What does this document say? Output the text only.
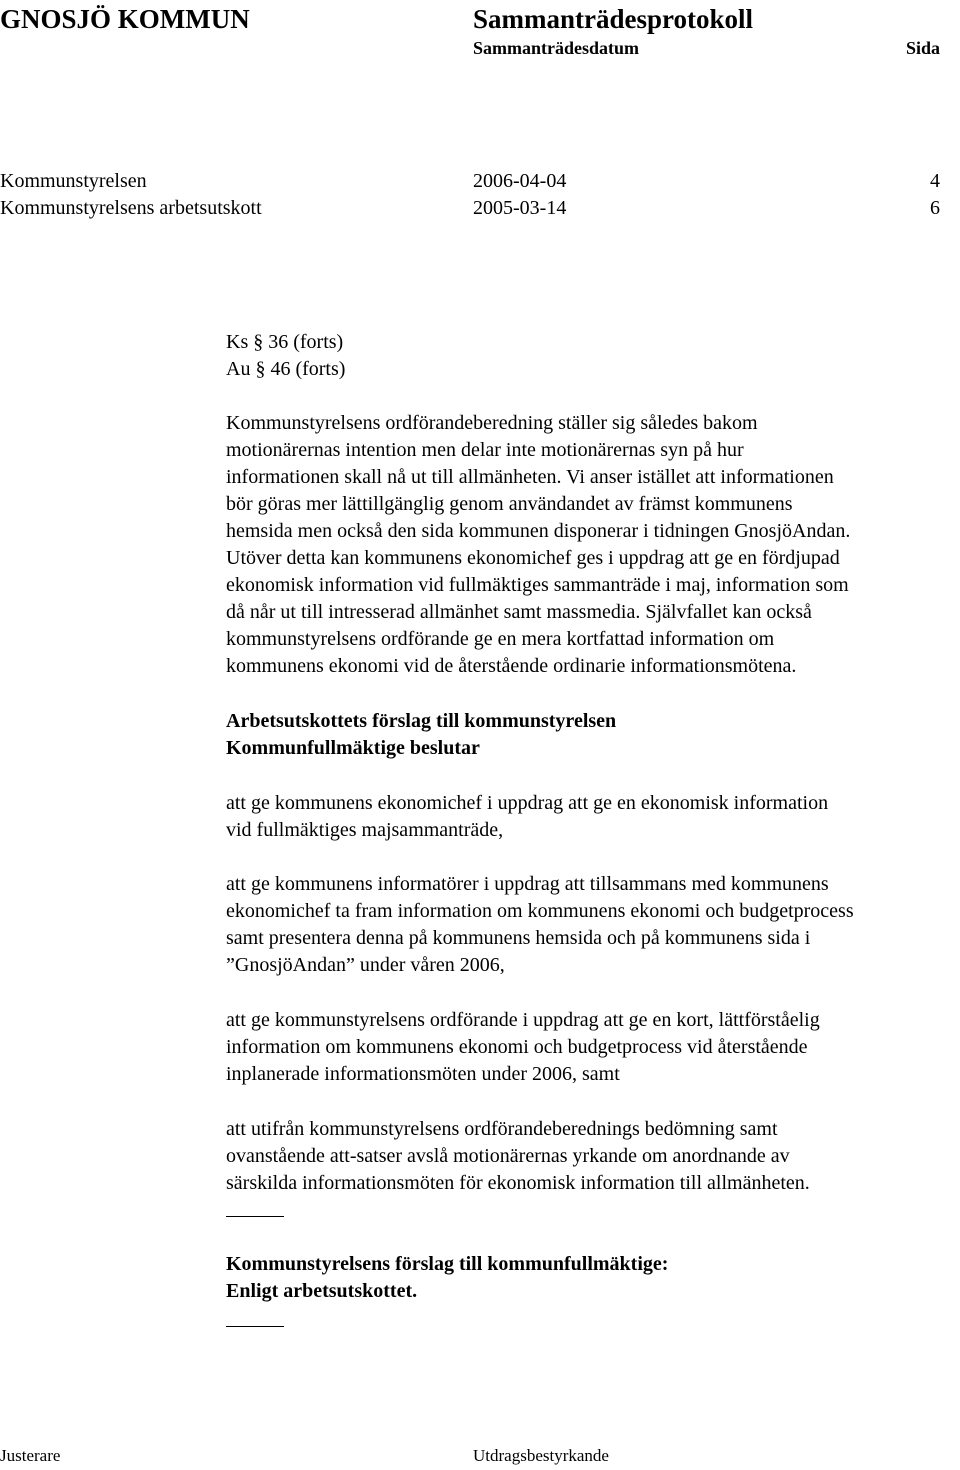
GNOSJÖ KOMMUN	Sammanträdesprotokoll
Sammanträdesdatum	Sida
Kommunstyrelsen	2006-04-04	4
Kommunstyrelsens arbetsutskott	2005-03-14	6
Ks § 36 (forts)
Au § 46 (forts)
Kommunstyrelsens ordförandeberedning ställer sig således bakom
motionärernas intention men delar inte motionärernas syn på hur
informationen skall nå ut till allmänheten. Vi anser istället att informationen
bör göras mer lättillgänglig genom användandet av främst kommunens
hemsida men också den sida kommunen disponerar i tidningen GnosjöAndan.
Utöver detta kan kommunens ekonomichef ges i uppdrag att ge en fördjupad
ekonomisk information vid fullmäktiges sammanträde i maj, information som
då når ut till intresserad allmänhet samt massmedia. Självfallet kan också
kommunstyrelsens ordförande ge en mera kortfattad information om
kommunens ekonomi vid de återstående ordinarie informationsmötena.
Arbetsutskottets förslag till kommunstyrelsen
Kommunfullmäktige beslutar
att ge kommunens ekonomichef i uppdrag att ge en ekonomisk information
vid fullmäktiges majsammanträde,
att ge kommunens informatörer i uppdrag att tillsammans med kommunens
ekonomichef ta fram information om kommunens ekonomi och budgetprocess
samt presentera denna på kommunens hemsida och på kommunens sida i
”GnosjöAndan” under våren 2006,
att ge kommunstyrelsens ordförande i uppdrag att ge en kort, lättförståelig
information om kommunens ekonomi och budgetprocess vid återstående
inplanerade informationsmöten under 2006, samt
att utifrån kommunstyrelsens ordförandeberednings bedömning samt
ovanstående att-satser avslå motionärernas yrkande om anordnande av
särskilda informationsmöten för ekonomisk information till allmänheten.
Kommunstyrelsens förslag till kommunfullmäktige:
Enligt arbetsutskottet.
Justerare	Utdragsbestyrkande
